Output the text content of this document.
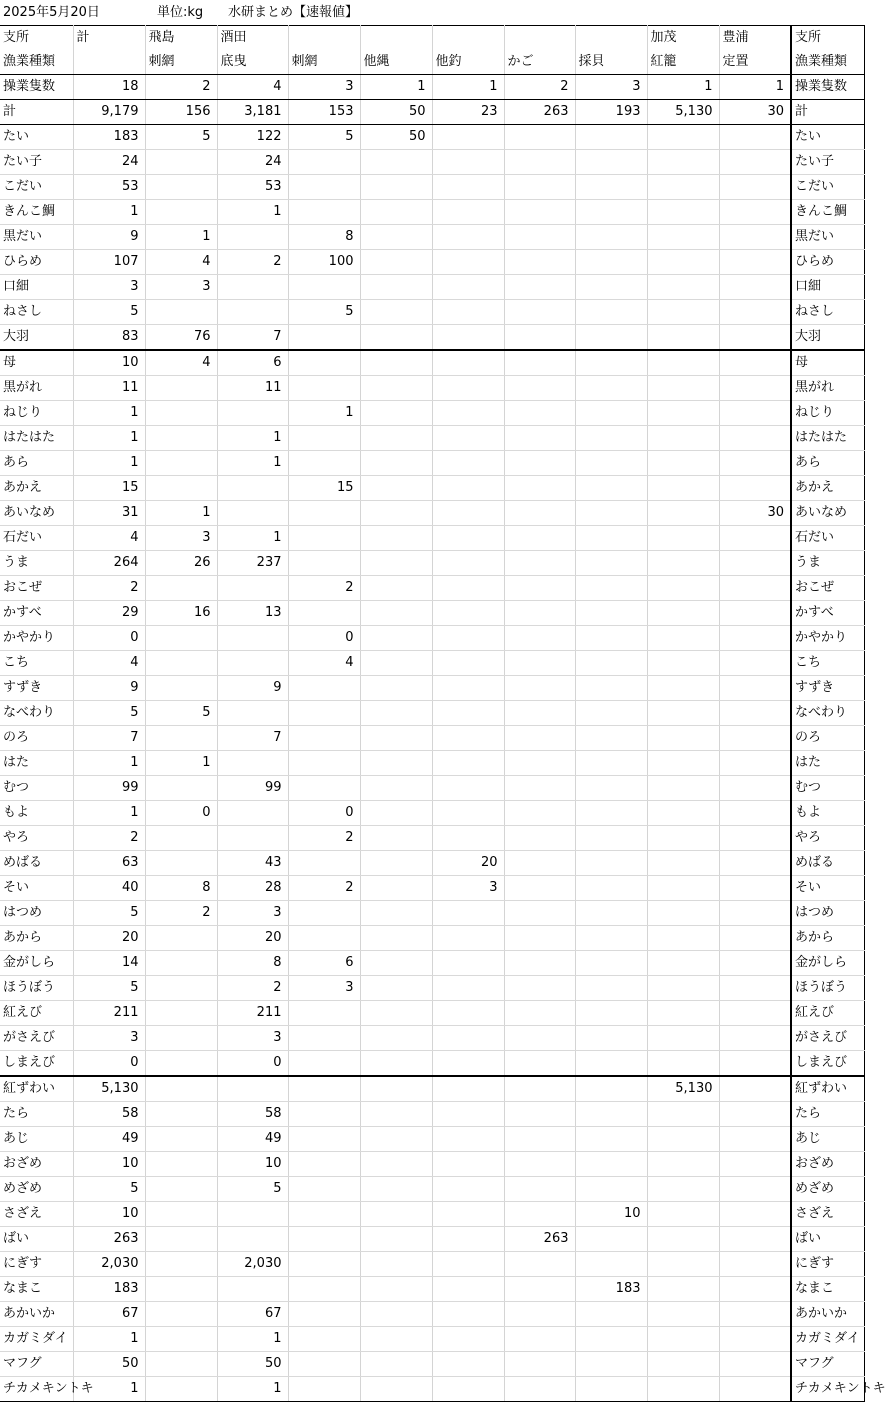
2025年5月20日	単位:kg 水研まとめ【速報値】
支所	計	飛島	酒田						加茂	豊浦	支所
漁業種類		刺網	底曳	刺網	他縄	他釣	かご	採貝	紅籠	定置	漁業種類
操業隻数	18	2	4	3	1	1	2	3	1	1	操業隻数
計	9,179	156	3,181	153	50	23	263	193	5,130	30	計
たい	183	5	122	5	50						たい
たい子	24		24								たい子
こだい	53		53								こだい
きんこ鯛	1		1								きんこ鯛
黒だい	9	1		8							黒だい
ひらめ	107	4	2	100							ひらめ
口細	3	3									口細
ねさし	5			5							ねさし
大羽	83	76	7								大羽
母	10	4	6								母
黒がれ	11		11								黒がれ
ねじり	1			1							ねじり
はたはた	1		1								はたはた
あら	1		1								あら
あかえ	15			15							あかえ
あいなめ	31	1								30	あいなめ
石だい	4	3	1								石だい
うま	264	26	237								うま
おこぜ	2			2							おこぜ
かすべ	29	16	13								かすべ
かやかり	0			0							かやかり
こち	4			4							こち
すずき	9		9								すずき
なべわり	5	5									なべわり
のろ	7		7								のろ
はた	1	1									はた
むつ	99		99								むつ
もよ	1	0		0							もよ
やろ	2			2							やろ
めばる	63		43			20					めばる
そい	40	8	28	2		3					そい
はつめ	5	2	3								はつめ
あから	20		20								あから
金がしら	14		8	6							金がしら
ほうぼう	5		2	3							ほうぼう
紅えび	211		211								紅えび
がさえび	3		3								がさえび
しまえび	0		0								しまえび
紅ずわい	5,130								5,130		紅ずわい
たら	58		58								たら
あじ	49		49								あじ
おざめ	10		10								おざめ
めざめ	5		5								めざめ
さざえ	10							10			さざえ
ばい	263						263				ばい
にぎす	2,030		2,030								にぎす
なまこ	183							183			なまこ
あかいか	67		67								あかいか
カガミダイ	1		1								カガミダイ
マフグ	50		50								マフグ
チカメキントキ	1		1								チカメキントキ
